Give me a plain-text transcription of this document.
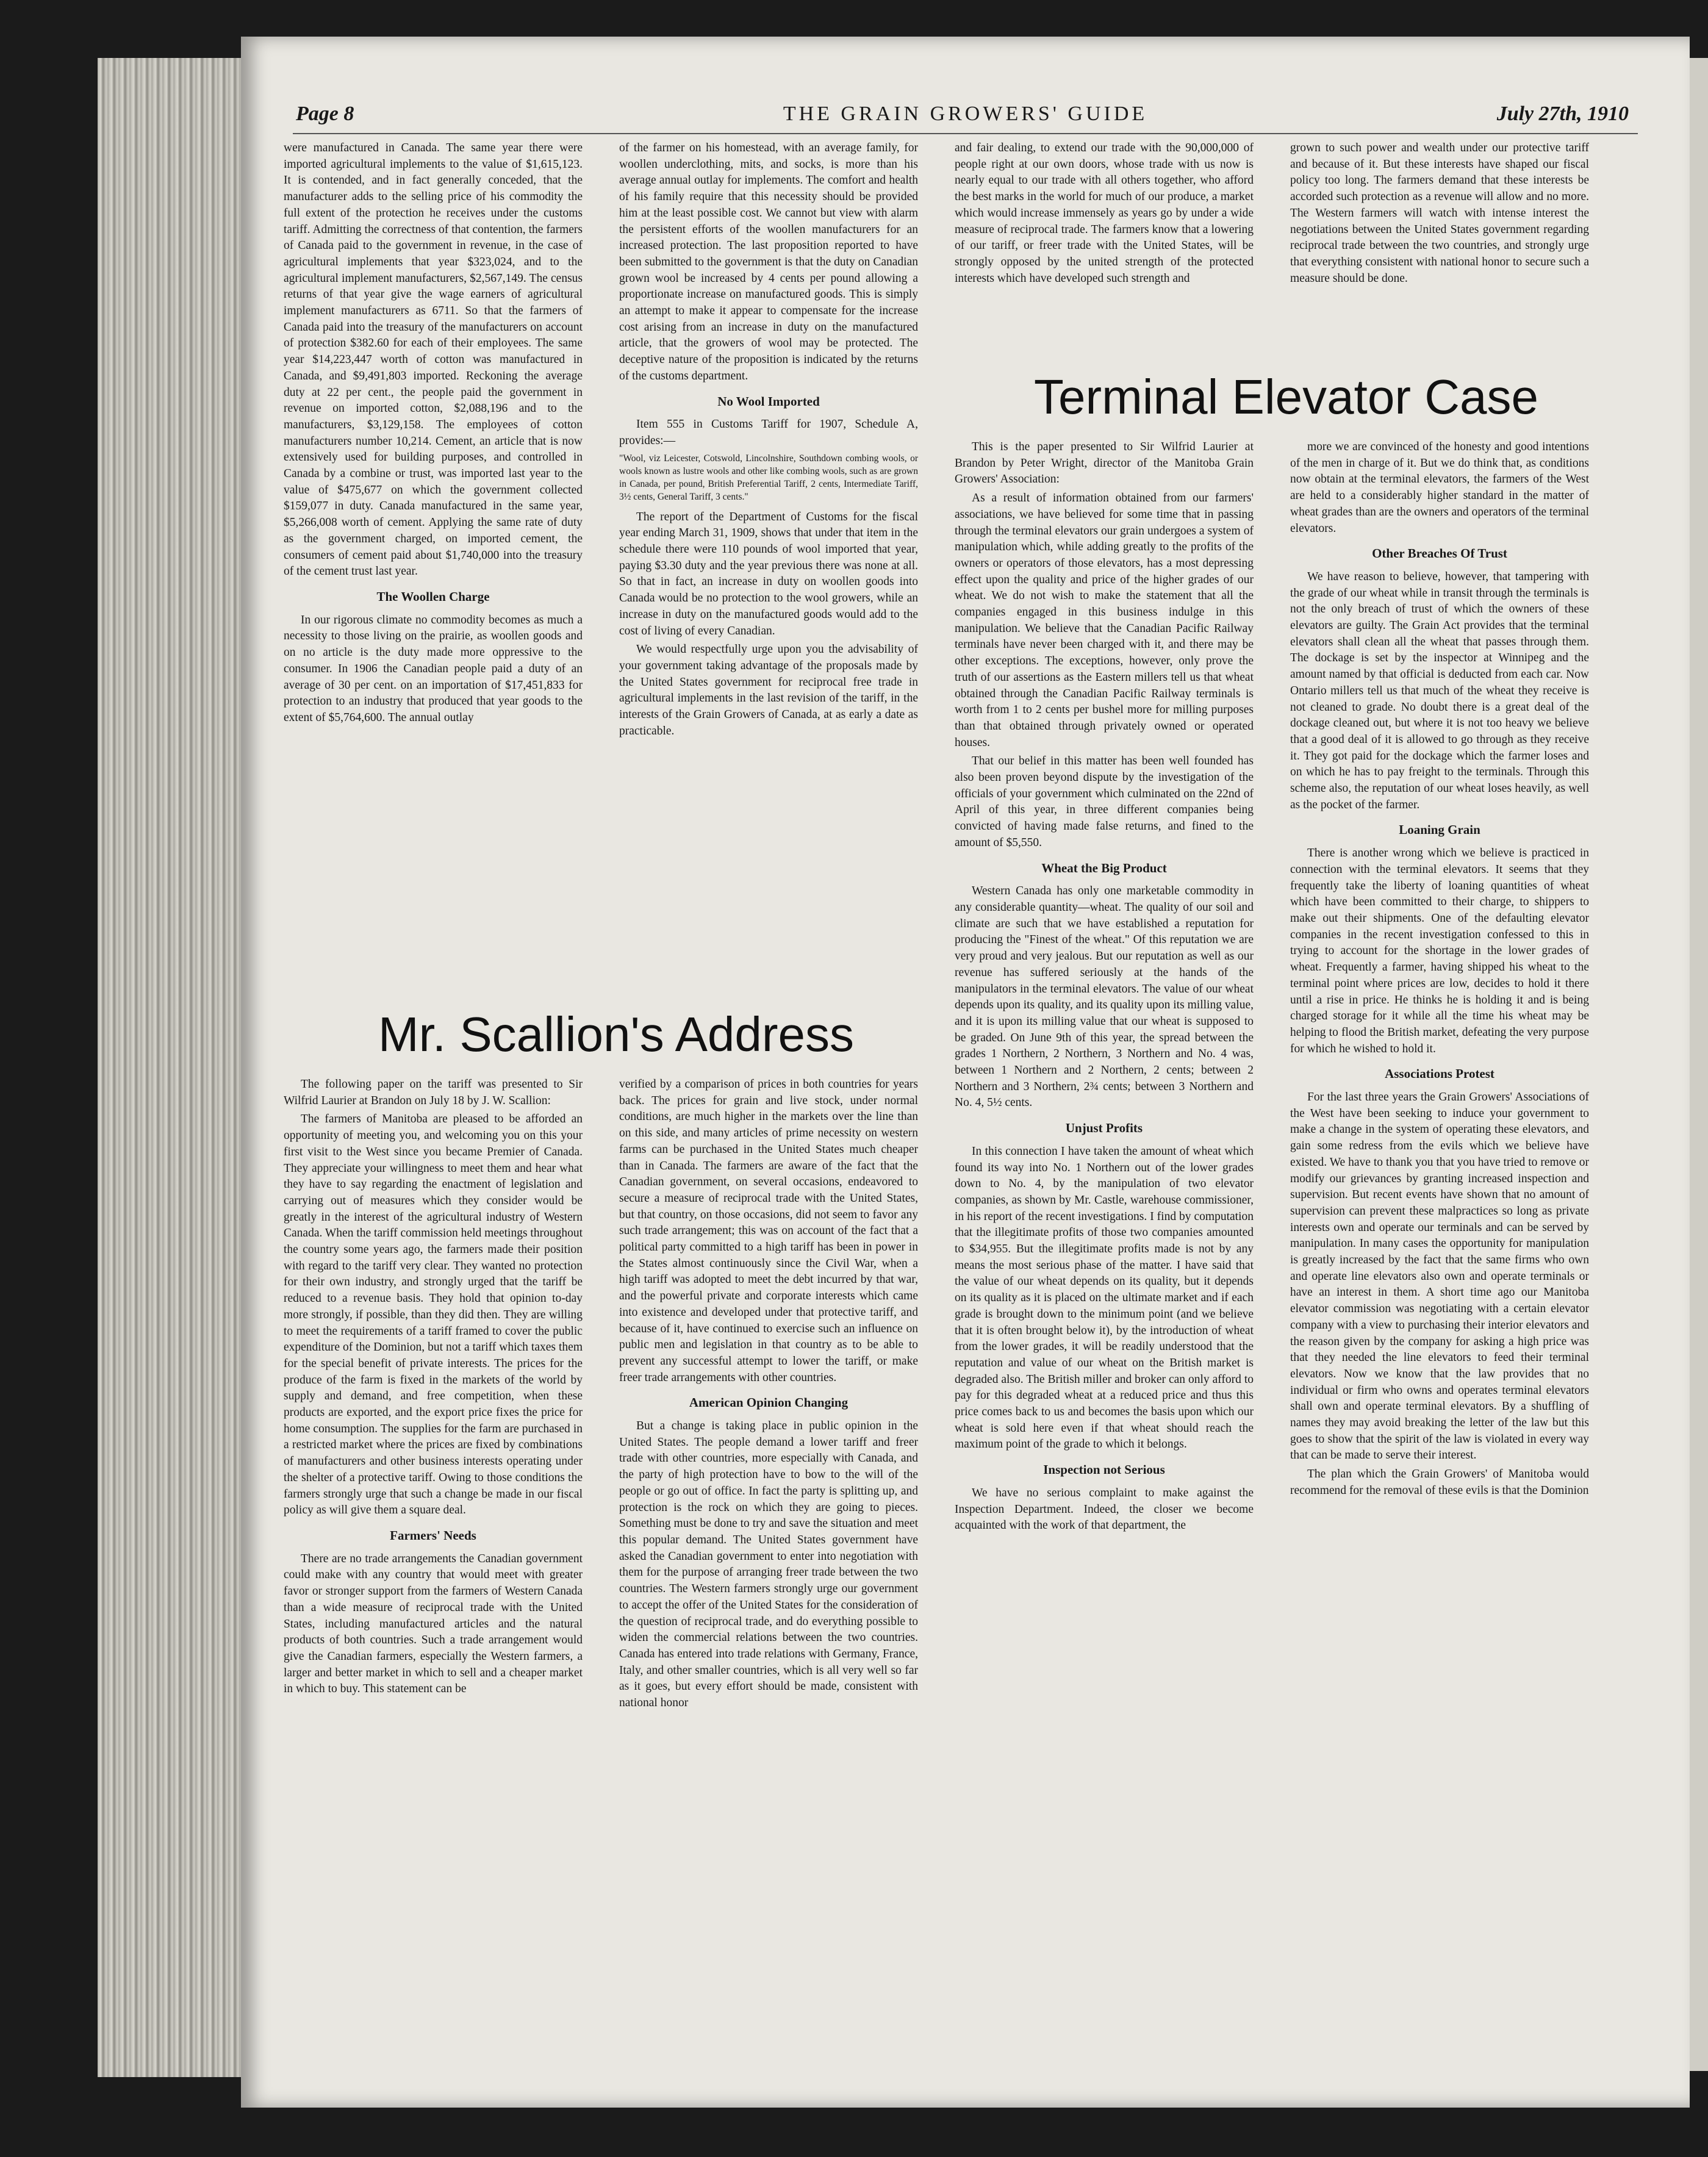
Page 8	THE GRAIN GROWERS' GUIDE	July 27th, 1910

were manufactured in Canada. The same year there were imported agricultural implements to the value of $1,615,123. It is contended, and in fact generally conceded, that the manufacturer adds to the selling price of his commodity the full extent of the protection he receives under the customs tariff. Admitting the correctness of that contention, the farmers of Canada paid to the government in revenue, in the case of agricultural implements that year $323,024, and to the agricultural implement manufacturers, $2,567,149. The census returns of that year give the wage earners of agricultural implement manufacturers as 6711. So that the farmers of Canada paid into the treasury of the manufacturers on account of protection $382.60 for each of their employees. The same year $14,223,447 worth of cotton was manufactured in Canada, and $9,491,803 imported. Reckoning the average duty at 22 per cent., the people paid the government in revenue on imported cotton, $2,088,196 and to the manufacturers, $3,129,158. The employees of cotton manufacturers number 10,214. Cement, an article that is now extensively used for building purposes, and controlled in Canada by a combine or trust, was imported last year to the value of $475,677 on which the government collected $159,077 in duty. Canada manufactured in the same year, $5,266,008 worth of cement. Applying the same rate of duty as the government charged, on imported cement, the consumers of cement paid about $1,740,000 into the treasury of the cement trust last year.

The Woollen Charge

In our rigorous climate no commodity becomes as much a necessity to those living on the prairie, as woollen goods and on no article is the duty made more oppressive to the consumer. In 1906 the Canadian people paid a duty of an average of 30 per cent. on an importation of $17,451,833 for protection to an industry that produced that year goods to the extent of $5,764,600. The annual outlay

of the farmer on his homestead, with an average family, for woollen underclothing, mits, and socks, is more than his average annual outlay for implements. The comfort and health of his family require that this necessity should be provided him at the least possible cost. We cannot but view with alarm the persistent efforts of the woollen manufacturers for an increased protection. The last proposition reported to have been submitted to the government is that the duty on Canadian grown wool be increased by 4 cents per pound allowing a proportionate increase on manufactured goods. This is simply an attempt to make it appear to compensate for the increase cost arising from an increase in duty on the manufactured article, that the growers of wool may be protected. The deceptive nature of the proposition is indicated by the returns of the customs department.

No Wool Imported

Item 555 in Customs Tariff for 1907, Schedule A, provides:—

"Wool, viz Leicester, Cotswold, Lincolnshire, Southdown combing wools, or wools known as lustre wools and other like combing wools, such as are grown in Canada, per pound, British Preferential Tariff, 2 cents, Intermediate Tariff, 3½ cents, General Tariff, 3 cents."

The report of the Department of Customs for the fiscal year ending March 31, 1909, shows that under that item in the schedule there were 110 pounds of wool imported that year, paying $3.30 duty and the year previous there was none at all. So that in fact, an increase in duty on woollen goods into Canada would be no protection to the wool growers, while an increase in duty on the manufactured goods would add to the cost of living of every Canadian.

We would respectfully urge upon you the advisability of your government taking advantage of the proposals made by the United States government for reciprocal free trade in agricultural implements in the last revision of the tariff, in the interests of the Grain Growers of Canada, at as early a date as practicable.

and fair dealing, to extend our trade with the 90,000,000 of people right at our own doors, whose trade with us now is nearly equal to our trade with all others together, who afford the best marks in the world for much of our produce, a market which would increase immensely as years go by under a wide measure of reciprocal trade. The farmers know that a lowering of our tariff, or freer trade with the United States, will be strongly opposed by the united strength of the protected interests which have developed such strength and

grown to such power and wealth under our protective tariff and because of it. But these interests have shaped our fiscal policy too long. The farmers demand that these interests be accorded such protection as a revenue will allow and no more. The Western farmers will watch with intense interest the negotiations between the United States government regarding reciprocal trade between the two countries, and strongly urge that everything consistent with national honor to secure such a measure should be done.

Terminal Elevator Case

This is the paper presented to Sir Wilfrid Laurier at Brandon by Peter Wright, director of the Manitoba Grain Growers' Association:

As a result of information obtained from our farmers' associations, we have believed for some time that in passing through the terminal elevators our grain undergoes a system of manipulation which, while adding greatly to the profits of the owners or operators of those elevators, has a most depressing effect upon the quality and price of the higher grades of our wheat. We do not wish to make the statement that all the companies engaged in this business indulge in this manipulation. We believe that the Canadian Pacific Railway terminals have never been charged with it, and there may be other exceptions. The exceptions, however, only prove the truth of our assertions as the Eastern millers tell us that wheat obtained through the Canadian Pacific Railway terminals is worth from 1 to 2 cents per bushel more for milling purposes than that obtained through privately owned or operated houses.

That our belief in this matter has been well founded has also been proven beyond dispute by the investigation of the officials of your government which culminated on the 22nd of April of this year, in three different companies being convicted of having made false returns, and fined to the amount of $5,550.

Wheat the Big Product

Western Canada has only one marketable commodity in any considerable quantity—wheat. The quality of our soil and climate are such that we have established a reputation for producing the "Finest of the wheat." Of this reputation we are very proud and very jealous. But our reputation as well as our revenue has suffered seriously at the hands of the manipulators in the terminal elevators. The value of our wheat depends upon its quality, and its quality upon its milling value, and it is upon its milling value that our wheat is supposed to be graded. On June 9th of this year, the spread between the grades 1 Northern, 2 Northern, 3 Northern and No. 4 was, between 1 Northern and 2 Northern, 2 cents; between 2 Northern and 3 Northern, 2¾ cents; between 3 Northern and No. 4, 5½ cents.

Unjust Profits

In this connection I have taken the amount of wheat which found its way into No. 1 Northern out of the lower grades down to No. 4, by the manipulation of two elevator companies, as shown by Mr. Castle, warehouse commissioner, in his report of the recent investigations. I find by computation that the illegitimate profits of those two companies amounted to $34,955. But the illegitimate profits made is not by any means the most serious phase of the matter. I have said that the value of our wheat depends on its quality, but it depends on its quality as it is placed on the ultimate market and if each grade is brought down to the minimum point (and we believe that it is often brought below it), by the introduction of wheat from the lower grades, it will be readily understood that the reputation and value of our wheat on the British market is degraded also. The British miller and broker can only afford to pay for this degraded wheat at a reduced price and thus this price comes back to us and becomes the basis upon which our wheat is sold here even if that wheat should reach the maximum point of the grade to which it belongs.

Inspection not Serious

We have no serious complaint to make against the Inspection Department. Indeed, the closer we become acquainted with the work of that department, the

more we are convinced of the honesty and good intentions of the men in charge of it. But we do think that, as conditions now obtain at the terminal elevators, the farmers of the West are held to a considerably higher standard in the matter of wheat grades than are the owners and operators of the terminal elevators.

Other Breaches Of Trust

We have reason to believe, however, that tampering with the grade of our wheat while in transit through the terminals is not the only breach of trust of which the owners of these elevators are guilty. The Grain Act provides that the terminal elevators shall clean all the wheat that passes through them. The dockage is set by the inspector at Winnipeg and the amount named by that official is deducted from each car. Now Ontario millers tell us that much of the wheat they receive is not cleaned to grade. No doubt there is a great deal of the dockage cleaned out, but where it is not too heavy we believe that a good deal of it is allowed to go through as they receive it. They got paid for the dockage which the farmer loses and on which he has to pay freight to the terminals. Through this scheme also, the reputation of our wheat loses heavily, as well as the pocket of the farmer.

Loaning Grain

There is another wrong which we believe is practiced in connection with the terminal elevators. It seems that they frequently take the liberty of loaning quantities of wheat which have been committed to their charge, to shippers to make out their shipments. One of the defaulting elevator companies in the recent investigation confessed to this in trying to account for the shortage in the lower grades of wheat. Frequently a farmer, having shipped his wheat to the terminal point where prices are low, decides to hold it there until a rise in price. He thinks he is holding it and is being charged storage for it while all the time his wheat may be helping to flood the British market, defeating the very purpose for which he wished to hold it.

Associations Protest

For the last three years the Grain Growers' Associations of the West have been seeking to induce your government to make a change in the system of operating these elevators, and gain some redress from the evils which we believe have existed. We have to thank you that you have tried to remove or modify our grievances by granting increased inspection and supervision. But recent events have shown that no amount of supervision can prevent these malpractices so long as private interests own and operate our terminals and can be served by manipulation. In many cases the opportunity for manipulation is greatly increased by the fact that the same firms who own and operate line elevators also own and operate terminals or have an interest in them. A short time ago our Manitoba elevator commission was negotiating with a certain elevator company with a view to purchasing their interior elevators and the reason given by the company for asking a high price was that they needed the line elevators to feed their terminal elevators. Now we know that the law provides that no individual or firm who owns and operates terminal elevators shall own and operate terminal elevators. By a shuffling of names they may avoid breaking the letter of the law but this goes to show that the spirit of the law is violated in every way that can be made to serve their interest.

The plan which the Grain Growers' of Manitoba would recommend for the removal of these evils is that the Dominion

Mr. Scallion's Address

The following paper on the tariff was presented to Sir Wilfrid Laurier at Brandon on July 18 by J. W. Scallion:

The farmers of Manitoba are pleased to be afforded an opportunity of meeting you, and welcoming you on this your first visit to the West since you became Premier of Canada. They appreciate your willingness to meet them and hear what they have to say regarding the enactment of legislation and carrying out of measures which they consider would be greatly in the interest of the agricultural industry of Western Canada. When the tariff commission held meetings throughout the country some years ago, the farmers made their position with regard to the tariff very clear. They wanted no protection for their own industry, and strongly urged that the tariff be reduced to a revenue basis. They hold that opinion to-day more strongly, if possible, than they did then. They are willing to meet the requirements of a tariff framed to cover the public expenditure of the Dominion, but not a tariff which taxes them for the special benefit of private interests. The prices for the produce of the farm is fixed in the markets of the world by supply and demand, and free competition, when these products are exported, and the export price fixes the price for home consumption. The supplies for the farm are purchased in a restricted market where the prices are fixed by combinations of manufacturers and other business interests operating under the shelter of a protective tariff. Owing to those conditions the farmers strongly urge that such a change be made in our fiscal policy as will give them a square deal.

Farmers' Needs

There are no trade arrangements the Canadian government could make with any country that would meet with greater favor or stronger support from the farmers of Western Canada than a wide measure of reciprocal trade with the United States, including manufactured articles and the natural products of both countries. Such a trade arrangement would give the Canadian farmers, especially the Western farmers, a larger and better market in which to sell and a cheaper market in which to buy. This statement can be

verified by a comparison of prices in both countries for years back. The prices for grain and live stock, under normal conditions, are much higher in the markets over the line than on this side, and many articles of prime necessity on western farms can be purchased in the United States much cheaper than in Canada. The farmers are aware of the fact that the Canadian government, on several occasions, endeavored to secure a measure of reciprocal trade with the United States, but that country, on those occasions, did not seem to favor any such trade arrangement; this was on account of the fact that a political party committed to a high tariff has been in power in the States almost continuously since the Civil War, when a high tariff was adopted to meet the debt incurred by that war, and the powerful private and corporate interests which came into existence and developed under that protective tariff, and because of it, have continued to exercise such an influence on public men and legislation in that country as to be able to prevent any successful attempt to lower the tariff, or make freer trade arrangements with other countries.

American Opinion Changing

But a change is taking place in public opinion in the United States. The people demand a lower tariff and freer trade with other countries, more especially with Canada, and the party of high protection have to bow to the will of the people or go out of office. In fact the party is splitting up, and protection is the rock on which they are going to pieces. Something must be done to try and save the situation and meet this popular demand. The United States government have asked the Canadian government to enter into negotiation with them for the purpose of arranging freer trade between the two countries. The Western farmers strongly urge our government to accept the offer of the United States for the consideration of the question of reciprocal trade, and do everything possible to widen the commercial relations between the two countries. Canada has entered into trade relations with Germany, France, Italy, and other smaller countries, which is all very well so far as it goes, but every effort should be made, consistent with national honor
